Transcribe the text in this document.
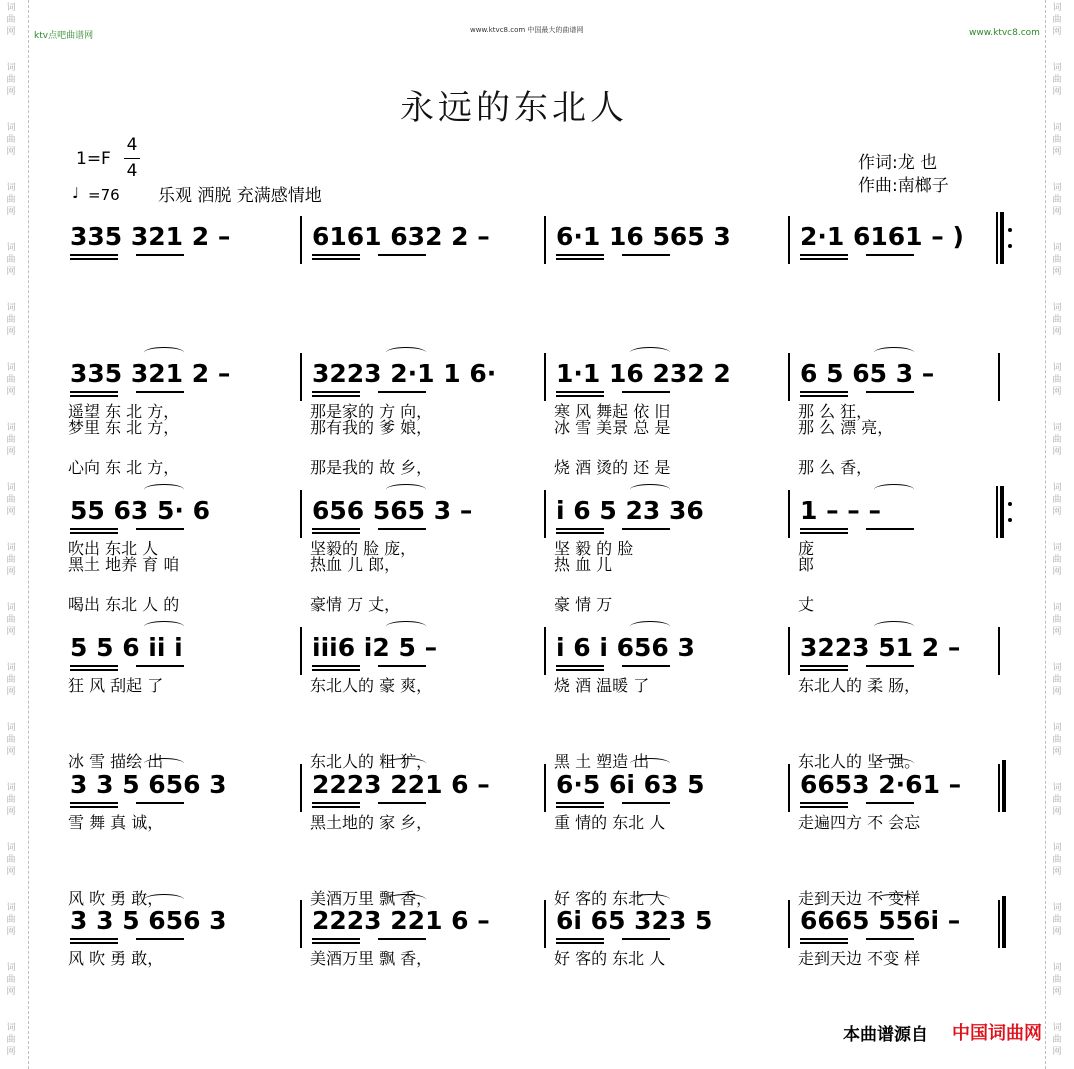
词曲网
词曲网
词曲网
词曲网
词曲网
词曲网
词曲网
词曲网
词曲网
词曲网
词曲网
词曲网
词曲网
词曲网
词曲网
词曲网
词曲网
词曲网
词曲网
词曲网
词曲网
词曲网
词曲网
词曲网
词曲网
词曲网
词曲网
词曲网
词曲网
词曲网
词曲网
词曲网
词曲网
词曲网
词曲网
词曲网
ktv点吧曲谱网
www.ktvc8.com 中国最大的曲谱网	www.ktvc8.com
永远的东北人
1=F
4
4
♩ =76 乐观 洒脱 充满感情地
作词:龙 也
作曲:南榔子
335 321 2 –	6161 632 2 –	6·1 16 565 3	2·1 6161 – )
335 321 2 –	3223 2·1 1 6· 1·1 16 232 2	6 5 65 3 –
遥望 东 北 方，	那是家的 方 向，	寒 风 舞起 依 旧	那 么 狂，
心向 东 北 方，	那是我的 故 乡，	烧 酒 烫的 还 是	那 么 香，
梦里 东 北 方，	那有我的 爹 娘，	冰 雪 美景 总 是	那 么 漂 亮，
55 63 5· 6	656 565 3 –	i 6 5 23 36	1 – – –
吹出 东北 人	坚毅的 脸 庞，	坚 毅 的 脸	庞
喝出 东北 人 的	豪情 万 丈，	豪 情 万	丈
黑土 地养 育 咱	热血 儿 郎，	热 血 儿	郎
5 5 6 ii i	iii6 i2 5 –	i 6 i 656 3	3223 51 2 –
狂 风 刮起 了	东北人的 豪 爽，	烧 酒 温暖 了	东北人的 柔 肠，
冰 雪 描绘 出	东北人的 粗 犷，	黑 土 塑造 出	东北人的 坚 强。
3 3 5 656 3	2223 221 6 –	6·5 6i 63 5	6653 2·61 –
雪 舞 真 诚，	黑土地的 家 乡，	重 情的 东北 人	走遍四方 不 会忘
风 吹 勇 敢，	美酒万里 飘 香，	好 客的 东北 人	走到天边 不 变样
3 3 5 656 3	2223 221 6 –	6i 65 323 5	6665 556i –
风 吹 勇 敢，	美酒万里 飘 香，	好 客的 东北 人	走到天边 不变 样
本曲谱源自 中国词曲网
